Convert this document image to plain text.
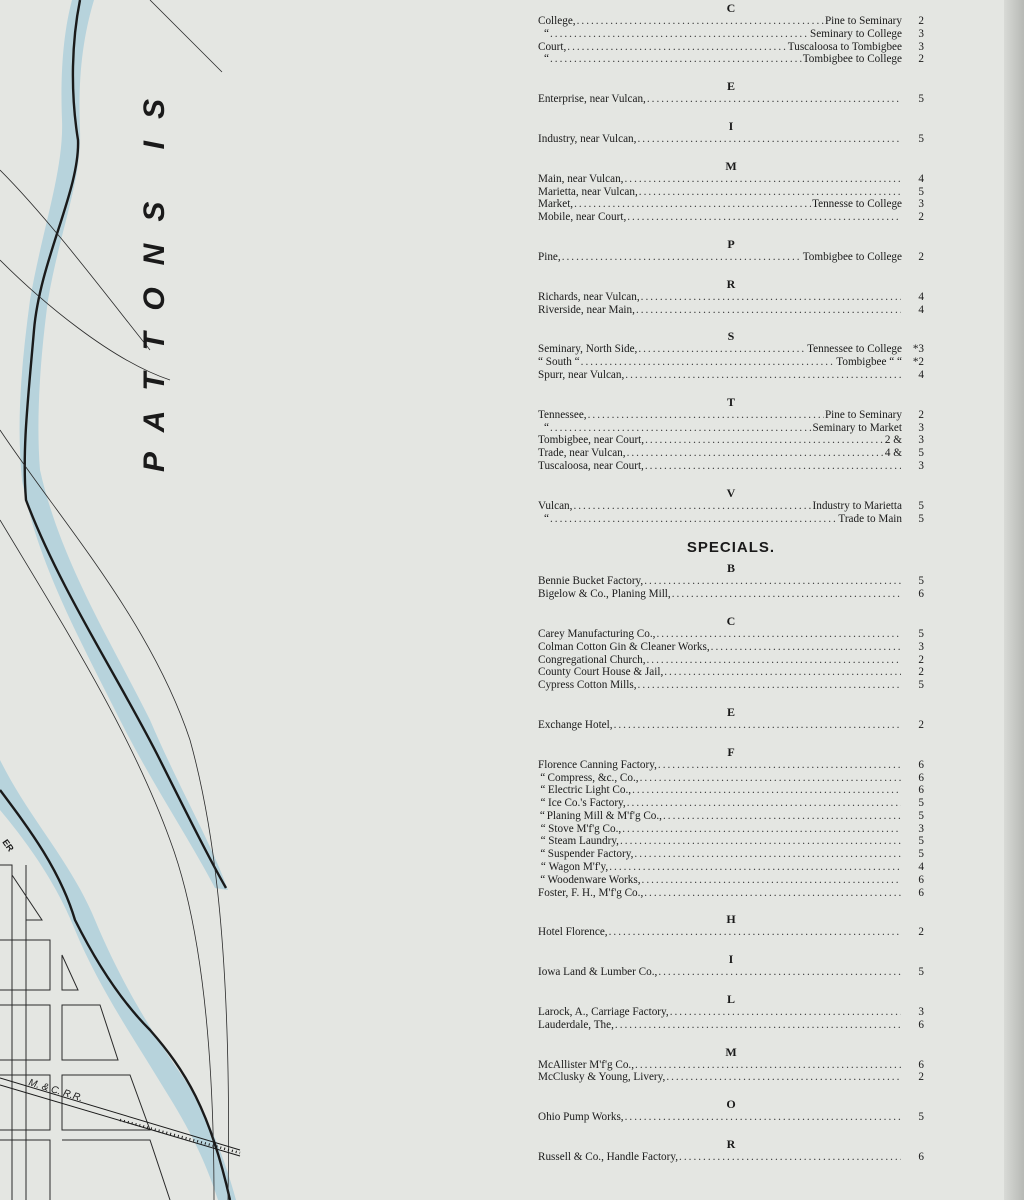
M. & C. R.R.
ER
PATTONS IS

C

College, .....	Pine to Seminary	2
“ .....	Seminary to College	3
Court, .....	Tuscaloosa to Tombigbee	3
“ .....	Tombigbee to College	2

E

Enterprise, near Vulcan, .....	5

I

Industry, near Vulcan, .....	5

M

Main, near Vulcan, .....	4
Marietta, near Vulcan, .....	5
Market, .....	Tennesse to College	3
Mobile, near Court, .....	2

P

Pine, .....	Tombigbee to College	2

R

Richards, near Vulcan, .....	4
Riverside, near Main, .....	4

S

Seminary, North Side, .....	Tennessee to College *3
“ South “ .....	Tombigbee “ “ *2
Spurr, near Vulcan, .....	4

T

Tennessee, .....	Pine to Seminary	2
“ .....	Seminary to Market	3
Tombigbee, near Court, .....	2 &	3
Trade, near Vulcan, .....	4 &	5
Tuscaloosa, near Court, .....	3

V

Vulcan, .....	Industry to Marietta	5
“ .....	Trade to Main	5

SPECIALS.

B

Bennie Bucket Factory, .....	5
Bigelow & Co., Planing Mill, .....	6

C

Carey Manufacturing Co., .....	5
Colman Cotton Gin & Cleaner Works, .....	3
Congregational Church, .....	2
County Court House & Jail, .....	2
Cypress Cotton Mills, .....	5

E

Exchange Hotel, .....	2

F

Florence Canning Factory, .....	6
“ Compress, &c., Co., .....	6
“ Electric Light Co., .....	6
“ Ice Co.'s Factory, .....	5
“ Planing Mill & M'f'g Co., .....	5
“ Stove M'f'g Co., .....	3
“ Steam Laundry, .....	5
“ Suspender Factory, .....	5
“ Wagon M'f'y, .....	4
“ Woodenware Works, .....	6
Foster, F. H., M'f'g Co., .....	6

H

Hotel Florence, .....	2

I

Iowa Land & Lumber Co., .....	5

L

Larock, A., Carriage Factory, .....	3
Lauderdale, The, .....	6

M

McAllister M'f'g Co., .....	6
McClusky & Young, Livery, .....	2

O

Ohio Pump Works, .....	5

R

Russell & Co., Handle Factory, .....	6
